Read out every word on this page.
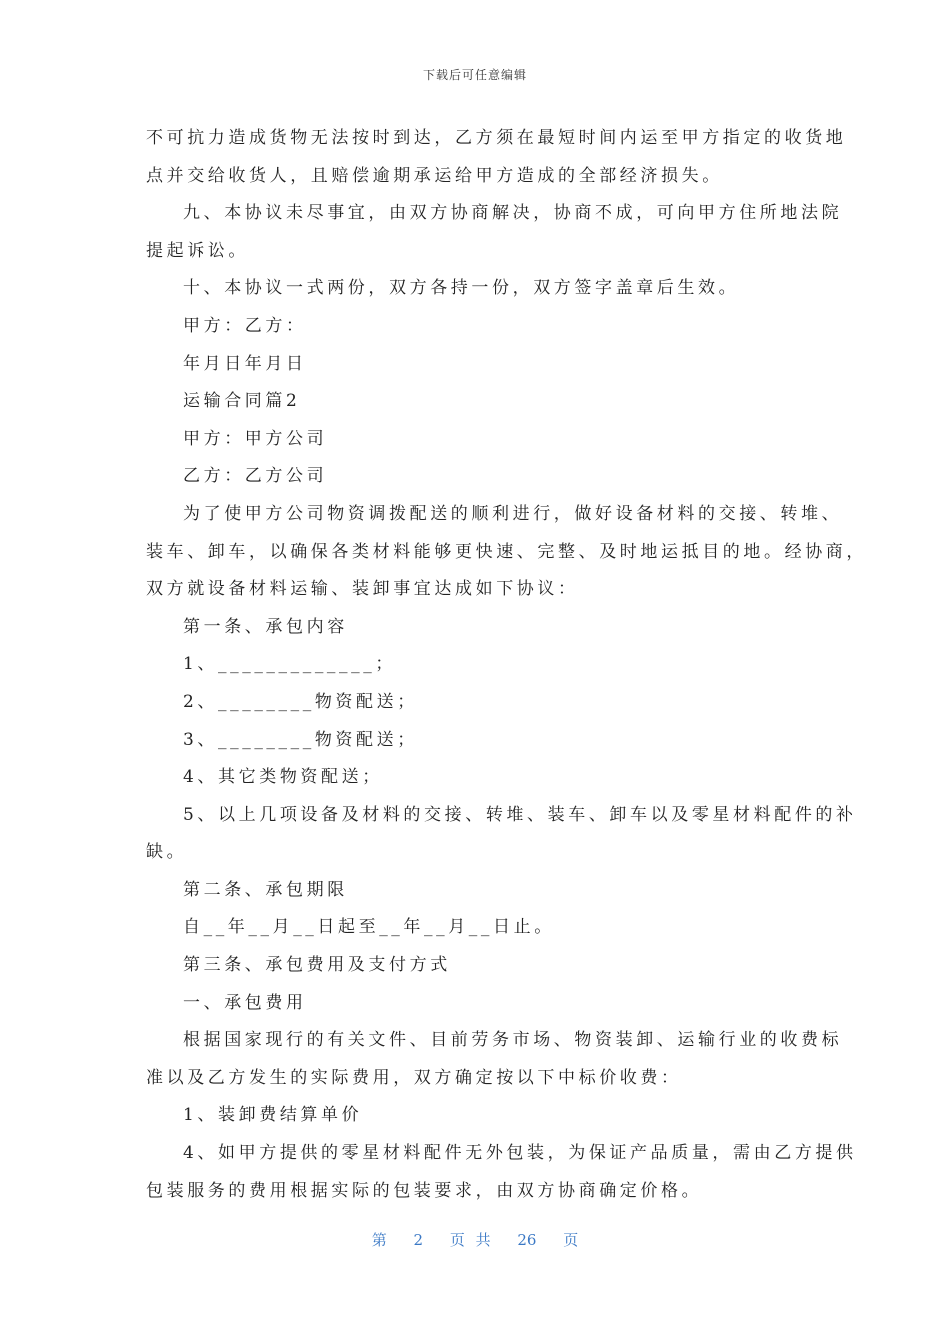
下载后可任意编辑
不可抗力造成货物无法按时到达，乙方须在最短时间内运至甲方指定的收货地
点并交给收货人，且赔偿逾期承运给甲方造成的全部经济损失。
九、本协议未尽事宜，由双方协商解决，协商不成，可向甲方住所地法院
提起诉讼。
十、本协议一式两份，双方各持一份，双方签字盖章后生效。
甲方：乙方：
年月日年月日
运输合同篇2
甲方：甲方公司
乙方：乙方公司
为了使甲方公司物资调拨配送的顺利进行，做好设备材料的交接、转堆、
装车、卸车，以确保各类材料能够更快速、完整、及时地运抵目的地。经协商，
双方就设备材料运输、装卸事宜达成如下协议：
第一条、承包内容
1、_____________；
2、________物资配送；
3、________物资配送；
4、其它类物资配送；
5、以上几项设备及材料的交接、转堆、装车、卸车以及零星材料配件的补
缺。
第二条、承包期限
自__年__月__日起至__年__月__日止。
第三条、承包费用及支付方式
一、承包费用
根据国家现行的有关文件、目前劳务市场、物资装卸、运输行业的收费标
准以及乙方发生的实际费用，双方确定按以下中标价收费：
1、装卸费结算单价
4、如甲方提供的零星材料配件无外包装，为保证产品质量，需由乙方提供
包装服务的费用根据实际的包装要求，由双方协商确定价格。
第 2 页 共 26 页
